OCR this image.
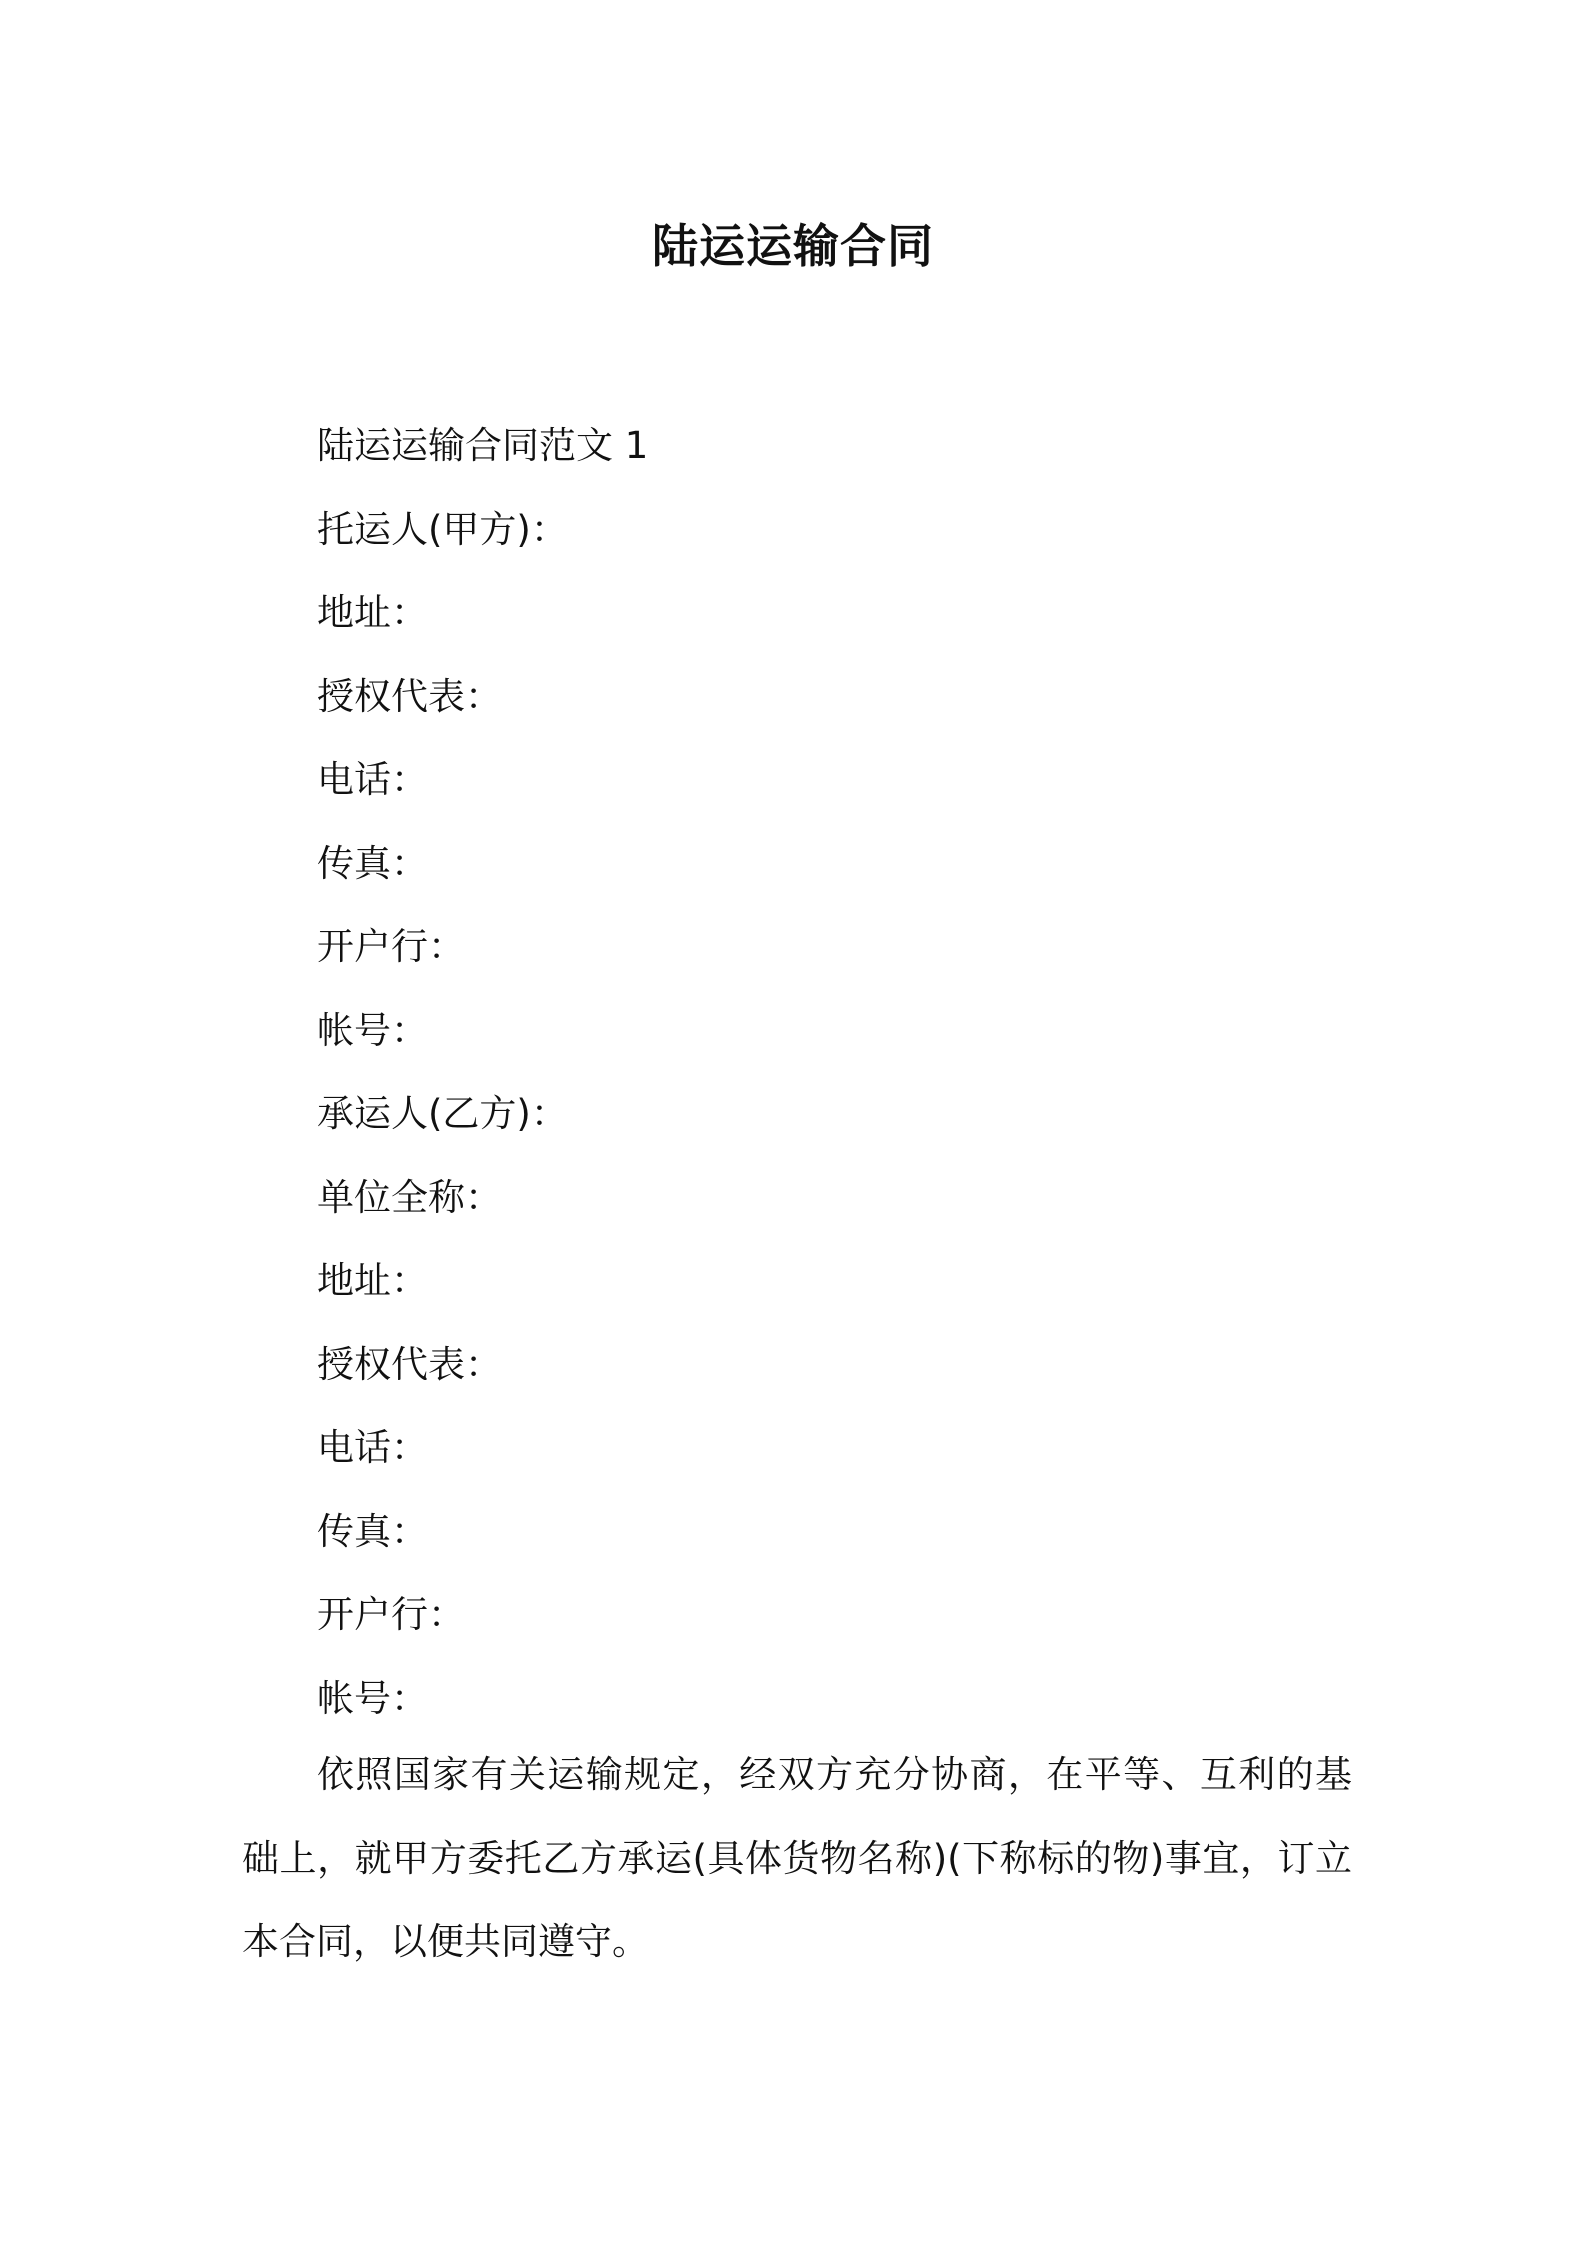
陆运运输合同
陆运运输合同范文 1
托运人(甲方)：
地址：
授权代表：
电话：
传真：
开户行：
帐号：
承运人(乙方)：
单位全称：
地址：
授权代表：
电话：
传真：
开户行：
帐号：

依照国家有关运输规定，经双方充分协商，在平等、互利的基础上，就甲方委托乙方承运(具体货物名称)(下称标的物)事宜，订立本合同，以便共同遵守。
